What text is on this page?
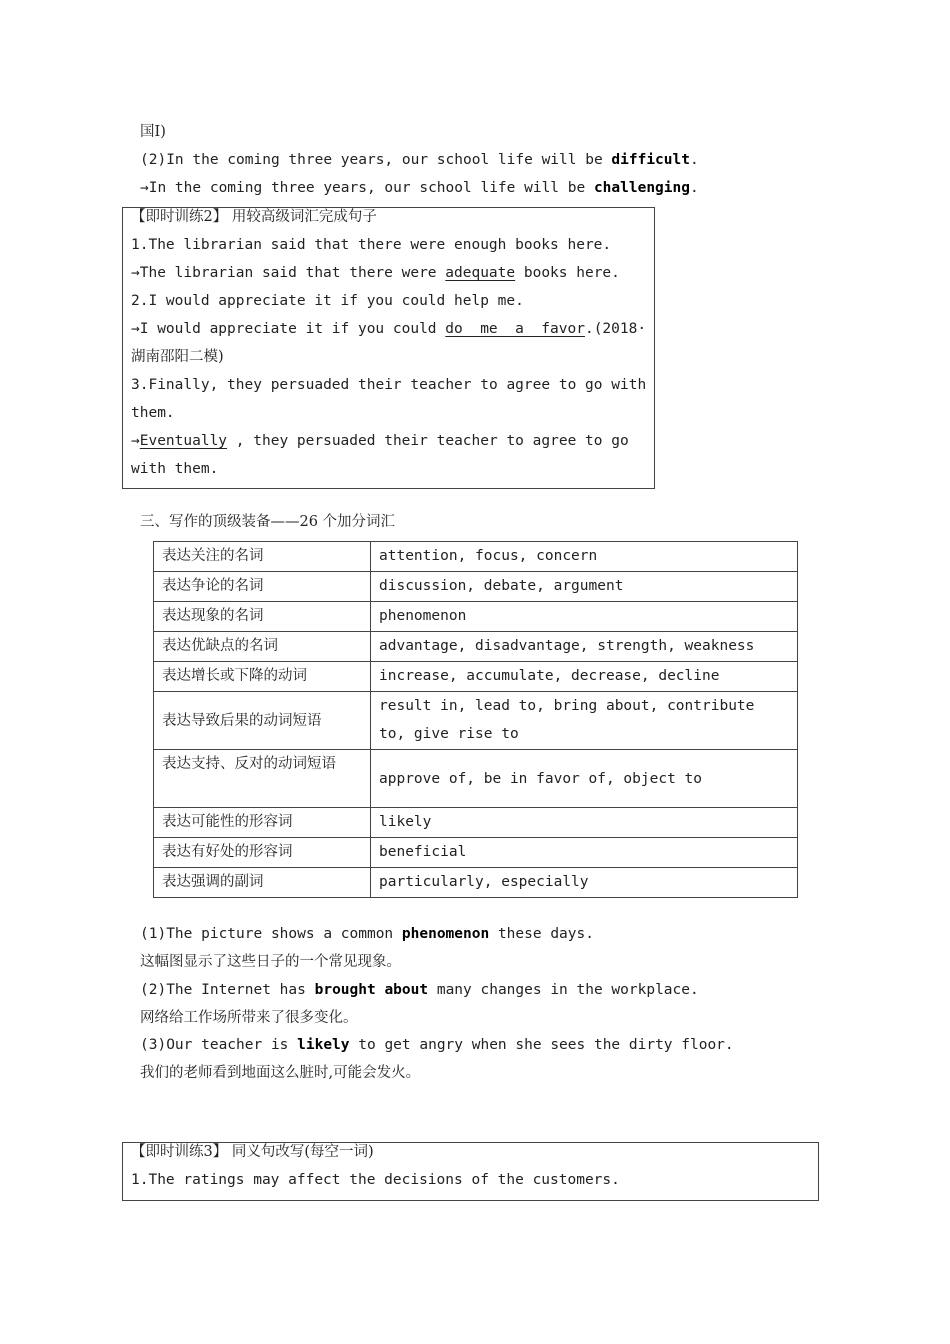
国Ⅰ)
(2)In the coming three years, our school life will be difficult.
→In the coming three years, our school life will be challenging.
【即时训练2】 用较高级词汇完成句子
1.The librarian said that there were enough books here.
→The librarian said that there were adequate books here.
2.I would appreciate it if you could help me.
→I would appreciate it if you could do  me  a  favor.(2018·
湖南邵阳二模)
3.Finally, they persuaded their teacher to agree to go with
them.
→Eventually , they persuaded their teacher to agree to go
with them.
三、写作的顶级装备——26 个加分词汇
表达关注的名词	attention, focus, concern
表达争论的名词	discussion, debate, argument
表达现象的名词	phenomenon
表达优缺点的名词	advantage, disadvantage, strength, weakness
表达增长或下降的动词	increase, accumulate, decrease, decline
表达导致后果的动词短语	result in, lead to, bring about, contribute to, give rise to
表达支持、反对的动词短语	approve of, be in favor of, object to
表达可能性的形容词	likely
表达有好处的形容词	beneficial
表达强调的副词	particularly, especially
(1)The picture shows a common phenomenon these days.
这幅图显示了这些日子的一个常见现象。
(2)The Internet has brought about many changes in the workplace.
网络给工作场所带来了很多变化。
(3)Our teacher is likely to get angry when she sees the dirty floor.
我们的老师看到地面这么脏时,可能会发火。
【即时训练3】 同义句改写(每空一词)
1.The ratings may affect the decisions of the customers.
